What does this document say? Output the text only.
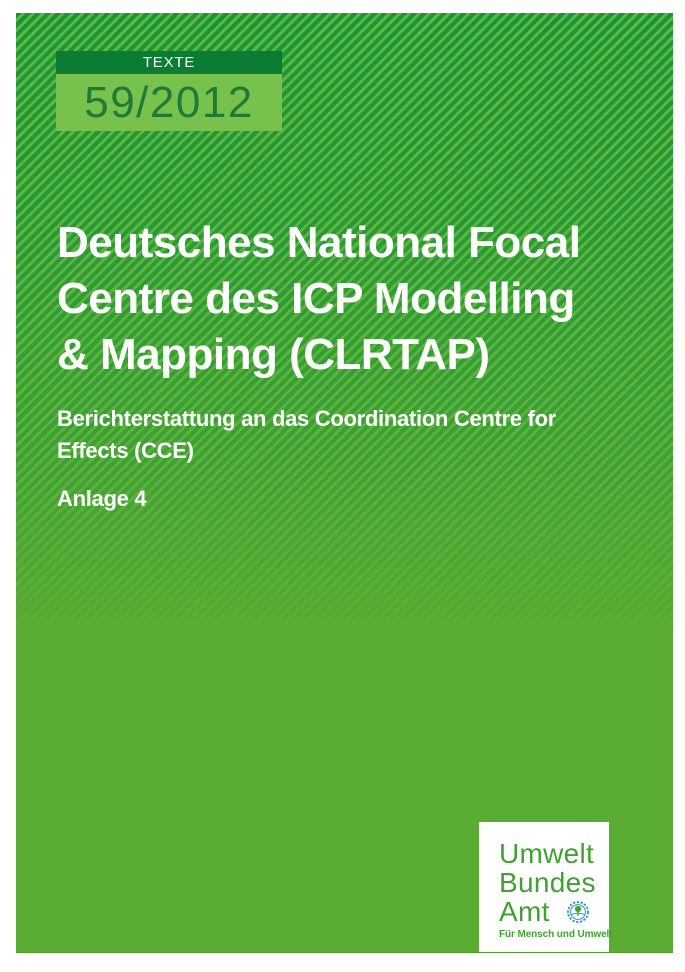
TEXTE
59/2012
Deutsches National Focal
Centre des ICP Modelling
& Mapping (CLRTAP)
Berichterstattung an das Coordination Centre for
Effects (CCE)
Anlage 4
Umwelt
Bundes
Amt
Für Mensch und Umwelt
